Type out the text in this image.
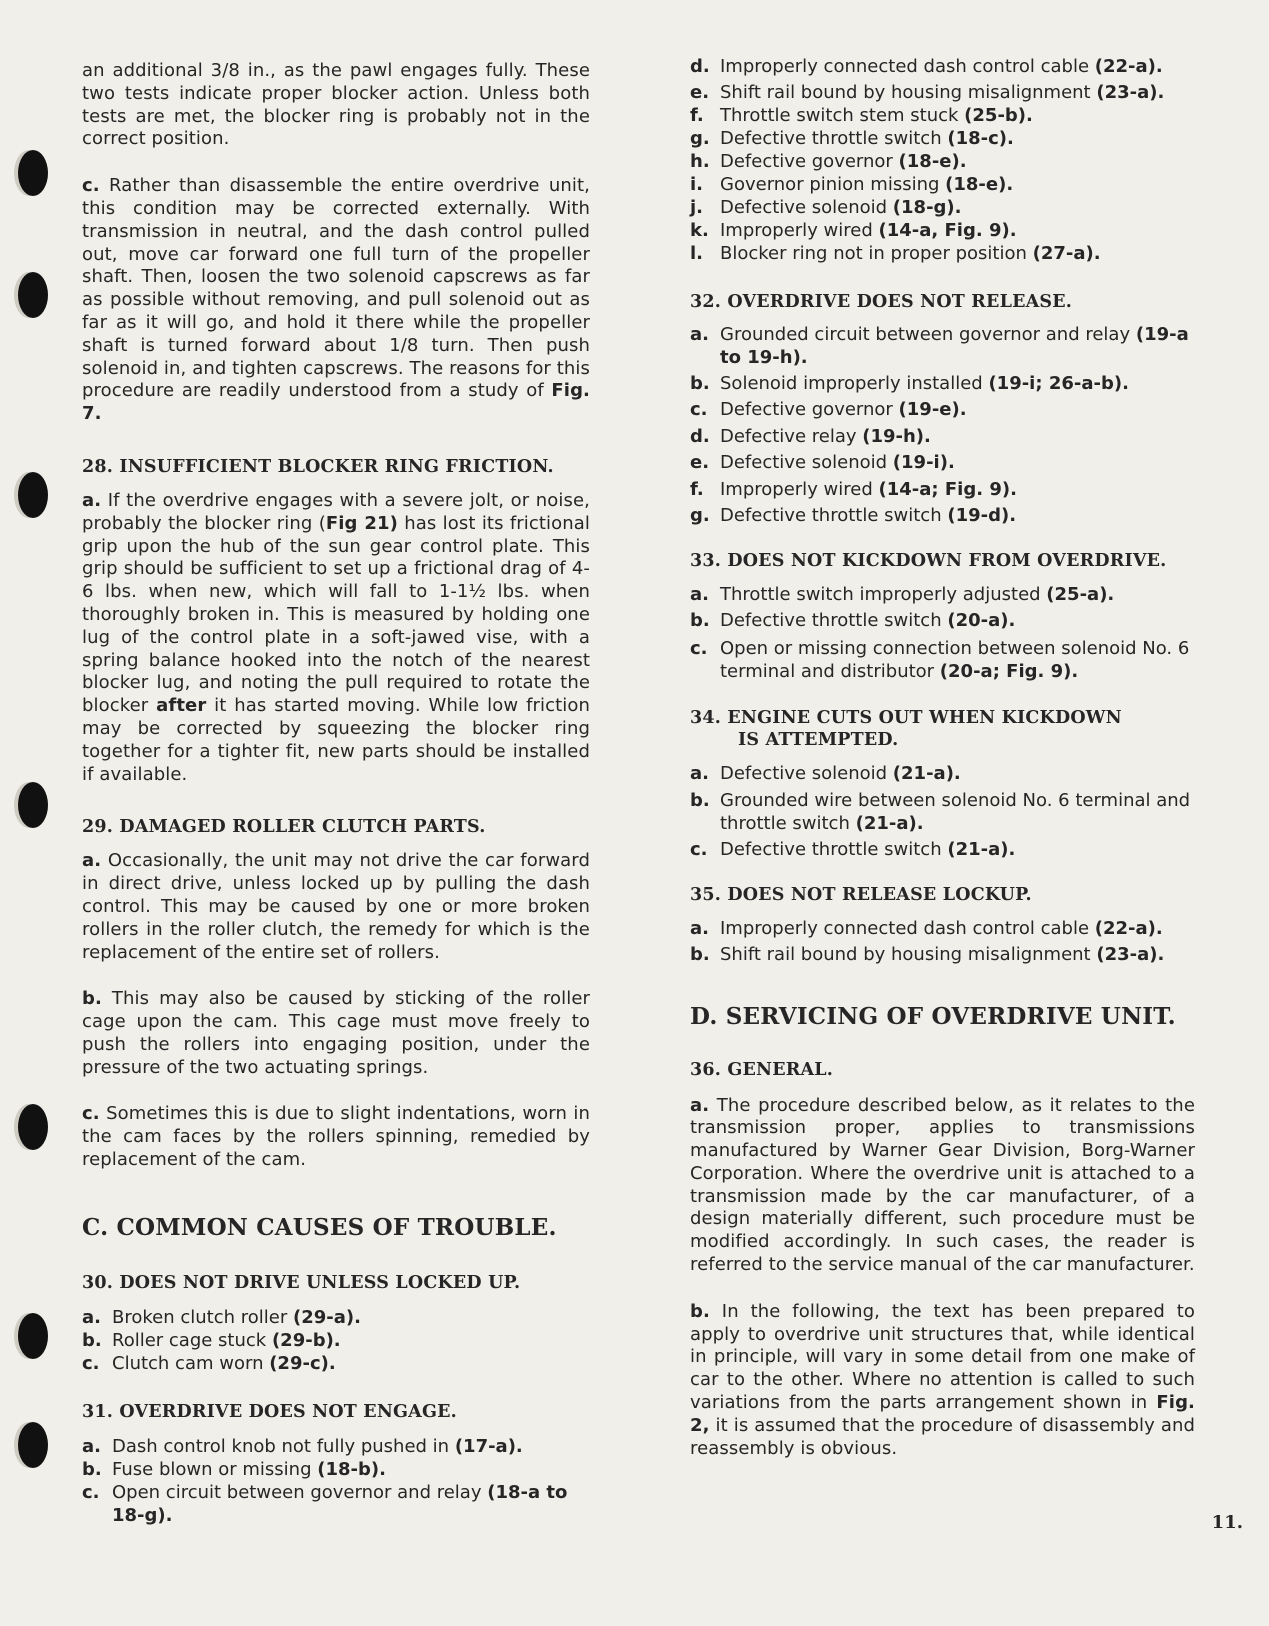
an additional 3/8 in., as the pawl engages fully. These two tests indicate proper blocker action. Unless both tests are met, the blocker ring is probably not in the correct position.

c. Rather than disassemble the entire overdrive unit, this condition may be corrected externally. With transmission in neutral, and the dash control pulled out, move car forward one full turn of the propeller shaft. Then, loosen the two solenoid capscrews as far as possible without removing, and pull solenoid out as far as it will go, and hold it there while the propeller shaft is turned forward about 1/8 turn. Then push solenoid in, and tighten capscrews. The reasons for this procedure are readily understood from a study of Fig. 7.

28. INSUFFICIENT BLOCKER RING FRICTION.

a. If the overdrive engages with a severe jolt, or noise, probably the blocker ring (Fig 21) has lost its frictional grip upon the hub of the sun gear control plate. This grip should be sufficient to set up a frictional drag of 4-6 lbs. when new, which will fall to 1-1½ lbs. when thoroughly broken in. This is measured by holding one lug of the control plate in a soft-jawed vise, with a spring balance hooked into the notch of the nearest blocker lug, and noting the pull required to rotate the blocker after it has started moving. While low friction may be corrected by squeezing the blocker ring together for a tighter fit, new parts should be installed if available.

29. DAMAGED ROLLER CLUTCH PARTS.

a. Occasionally, the unit may not drive the car forward in direct drive, unless locked up by pulling the dash control. This may be caused by one or more broken rollers in the roller clutch, the remedy for which is the replacement of the entire set of rollers.

b. This may also be caused by sticking of the roller cage upon the cam. This cage must move freely to push the rollers into engaging position, under the pressure of the two actuating springs.

c. Sometimes this is due to slight indentations, worn in the cam faces by the rollers spinning, remedied by replacement of the cam.

C. COMMON CAUSES OF TROUBLE.
30. DOES NOT DRIVE UNLESS LOCKED UP.
a. Broken clutch roller (29-a).
b. Roller cage stuck (29-b).
c. Clutch cam worn (29-c).
31. OVERDRIVE DOES NOT ENGAGE.
a. Dash control knob not fully pushed in (17-a).
b. Fuse blown or missing (18-b).
c. Open circuit between governor and relay (18-a to 18-g).
d. Improperly connected dash control cable (22-a).
e. Shift rail bound by housing misalignment (23-a).
f. Throttle switch stem stuck (25-b).
g. Defective throttle switch (18-c).
h. Defective governor (18-e).
i. Governor pinion missing (18-e).
j. Defective solenoid (18-g).
k. Improperly wired (14-a, Fig. 9).
l. Blocker ring not in proper position (27-a).
32. OVERDRIVE DOES NOT RELEASE.
a. Grounded circuit between governor and relay (19-a to 19-h).
b. Solenoid improperly installed (19-i; 26-a-b).
c. Defective governor (19-e).
d. Defective relay (19-h).
e. Defective solenoid (19-i).
f. Improperly wired (14-a; Fig. 9).
g. Defective throttle switch (19-d).
33. DOES NOT KICKDOWN FROM OVERDRIVE.
a. Throttle switch improperly adjusted (25-a).
b. Defective throttle switch (20-a).
c. Open or missing connection between solenoid No. 6 terminal and distributor (20-a; Fig. 9).
34. ENGINE CUTS OUT WHEN KICKDOWN
IS ATTEMPTED.
a. Defective solenoid (21-a).
b. Grounded wire between solenoid No. 6 terminal and throttle switch (21-a).
c. Defective throttle switch (21-a).
35. DOES NOT RELEASE LOCKUP.
a. Improperly connected dash control cable (22-a).
b. Shift rail bound by housing misalignment (23-a).
D. SERVICING OF OVERDRIVE UNIT.
36. GENERAL.

a. The procedure described below, as it relates to the transmission proper, applies to transmissions manufactured by Warner Gear Division, Borg-Warner Corporation. Where the overdrive unit is attached to a transmission made by the car manufacturer, of a design materially different, such procedure must be modified accordingly. In such cases, the reader is referred to the service manual of the car manufacturer.

b. In the following, the text has been prepared to apply to overdrive unit structures that, while identical in principle, will vary in some detail from one make of car to the other. Where no attention is called to such variations from the parts arrangement shown in Fig. 2, it is assumed that the procedure of disassembly and reassembly is obvious.

11.
